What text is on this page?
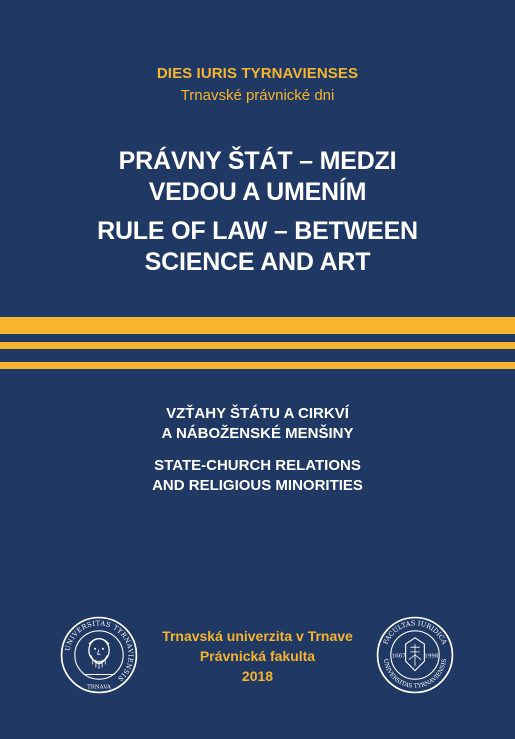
DIES IURIS TYRNAVIENSES
Trnavské právnické dni
PRÁVNY ŠTÁT – MEDZI
VEDOU A UMENÍM
RULE OF LAW – BETWEEN
SCIENCE AND ART
VZŤAHY ŠTÁTU A CIRKVÍ
A NÁBOŽENSKÉ MENŠINY
STATE-CHURCH RELATIONS
AND RELIGIOUS MINORITIES
UNIVERSITAS TYRNAVIENSIS
TRNAVA
Trnavská univerzita v Trnave
Právnická fakulta
2018
FACULTAS IURIDICA
UNIVERSITAS TYRNAVIENSIS
1667	1998
